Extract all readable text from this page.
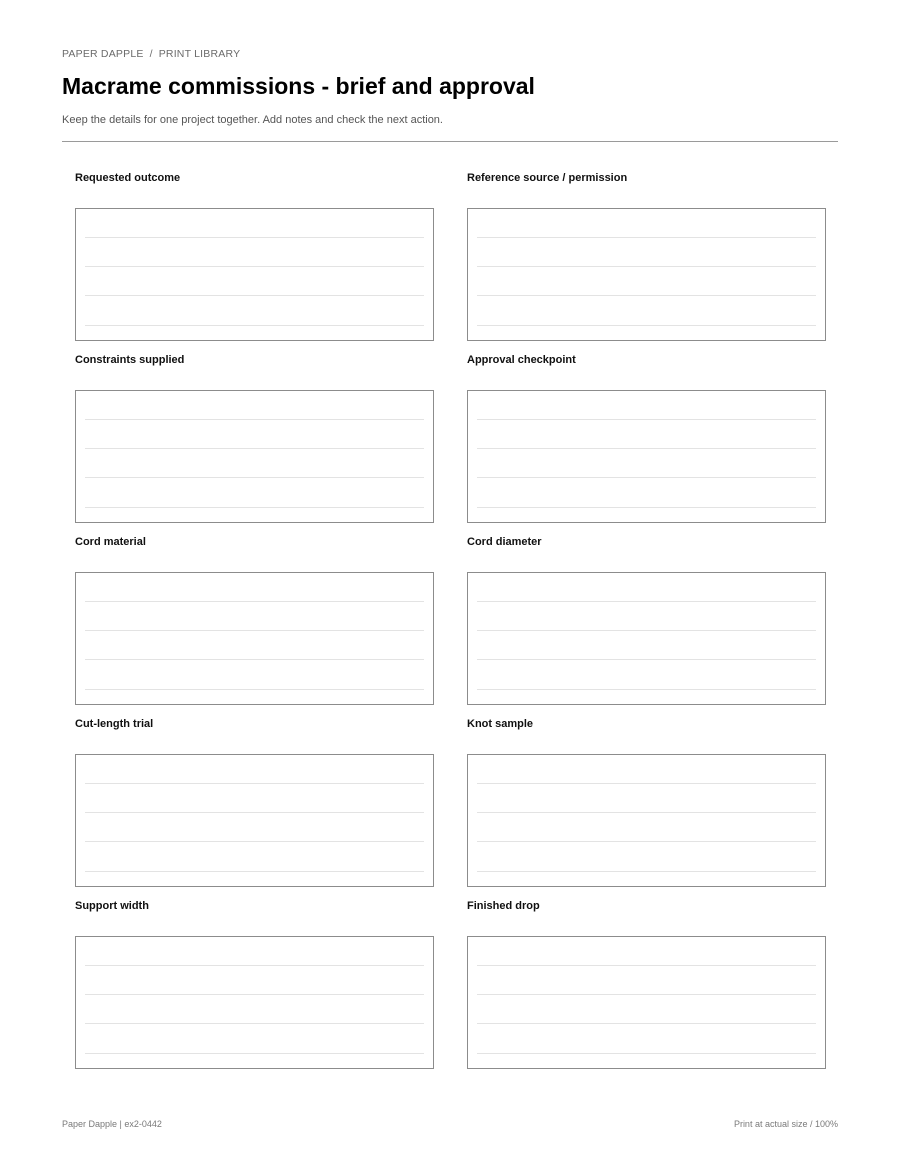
PAPER DAPPLE / PRINT LIBRARY
Macrame commissions - brief and approval
Keep the details for one project together. Add notes and check the next action.
Requested outcome	Reference source / permission
Constraints supplied	Approval checkpoint
Cord material	Cord diameter
Cut-length trial	Knot sample
Support width	Finished drop
Paper Dapple | ex2-0442	Print at actual size / 100%
